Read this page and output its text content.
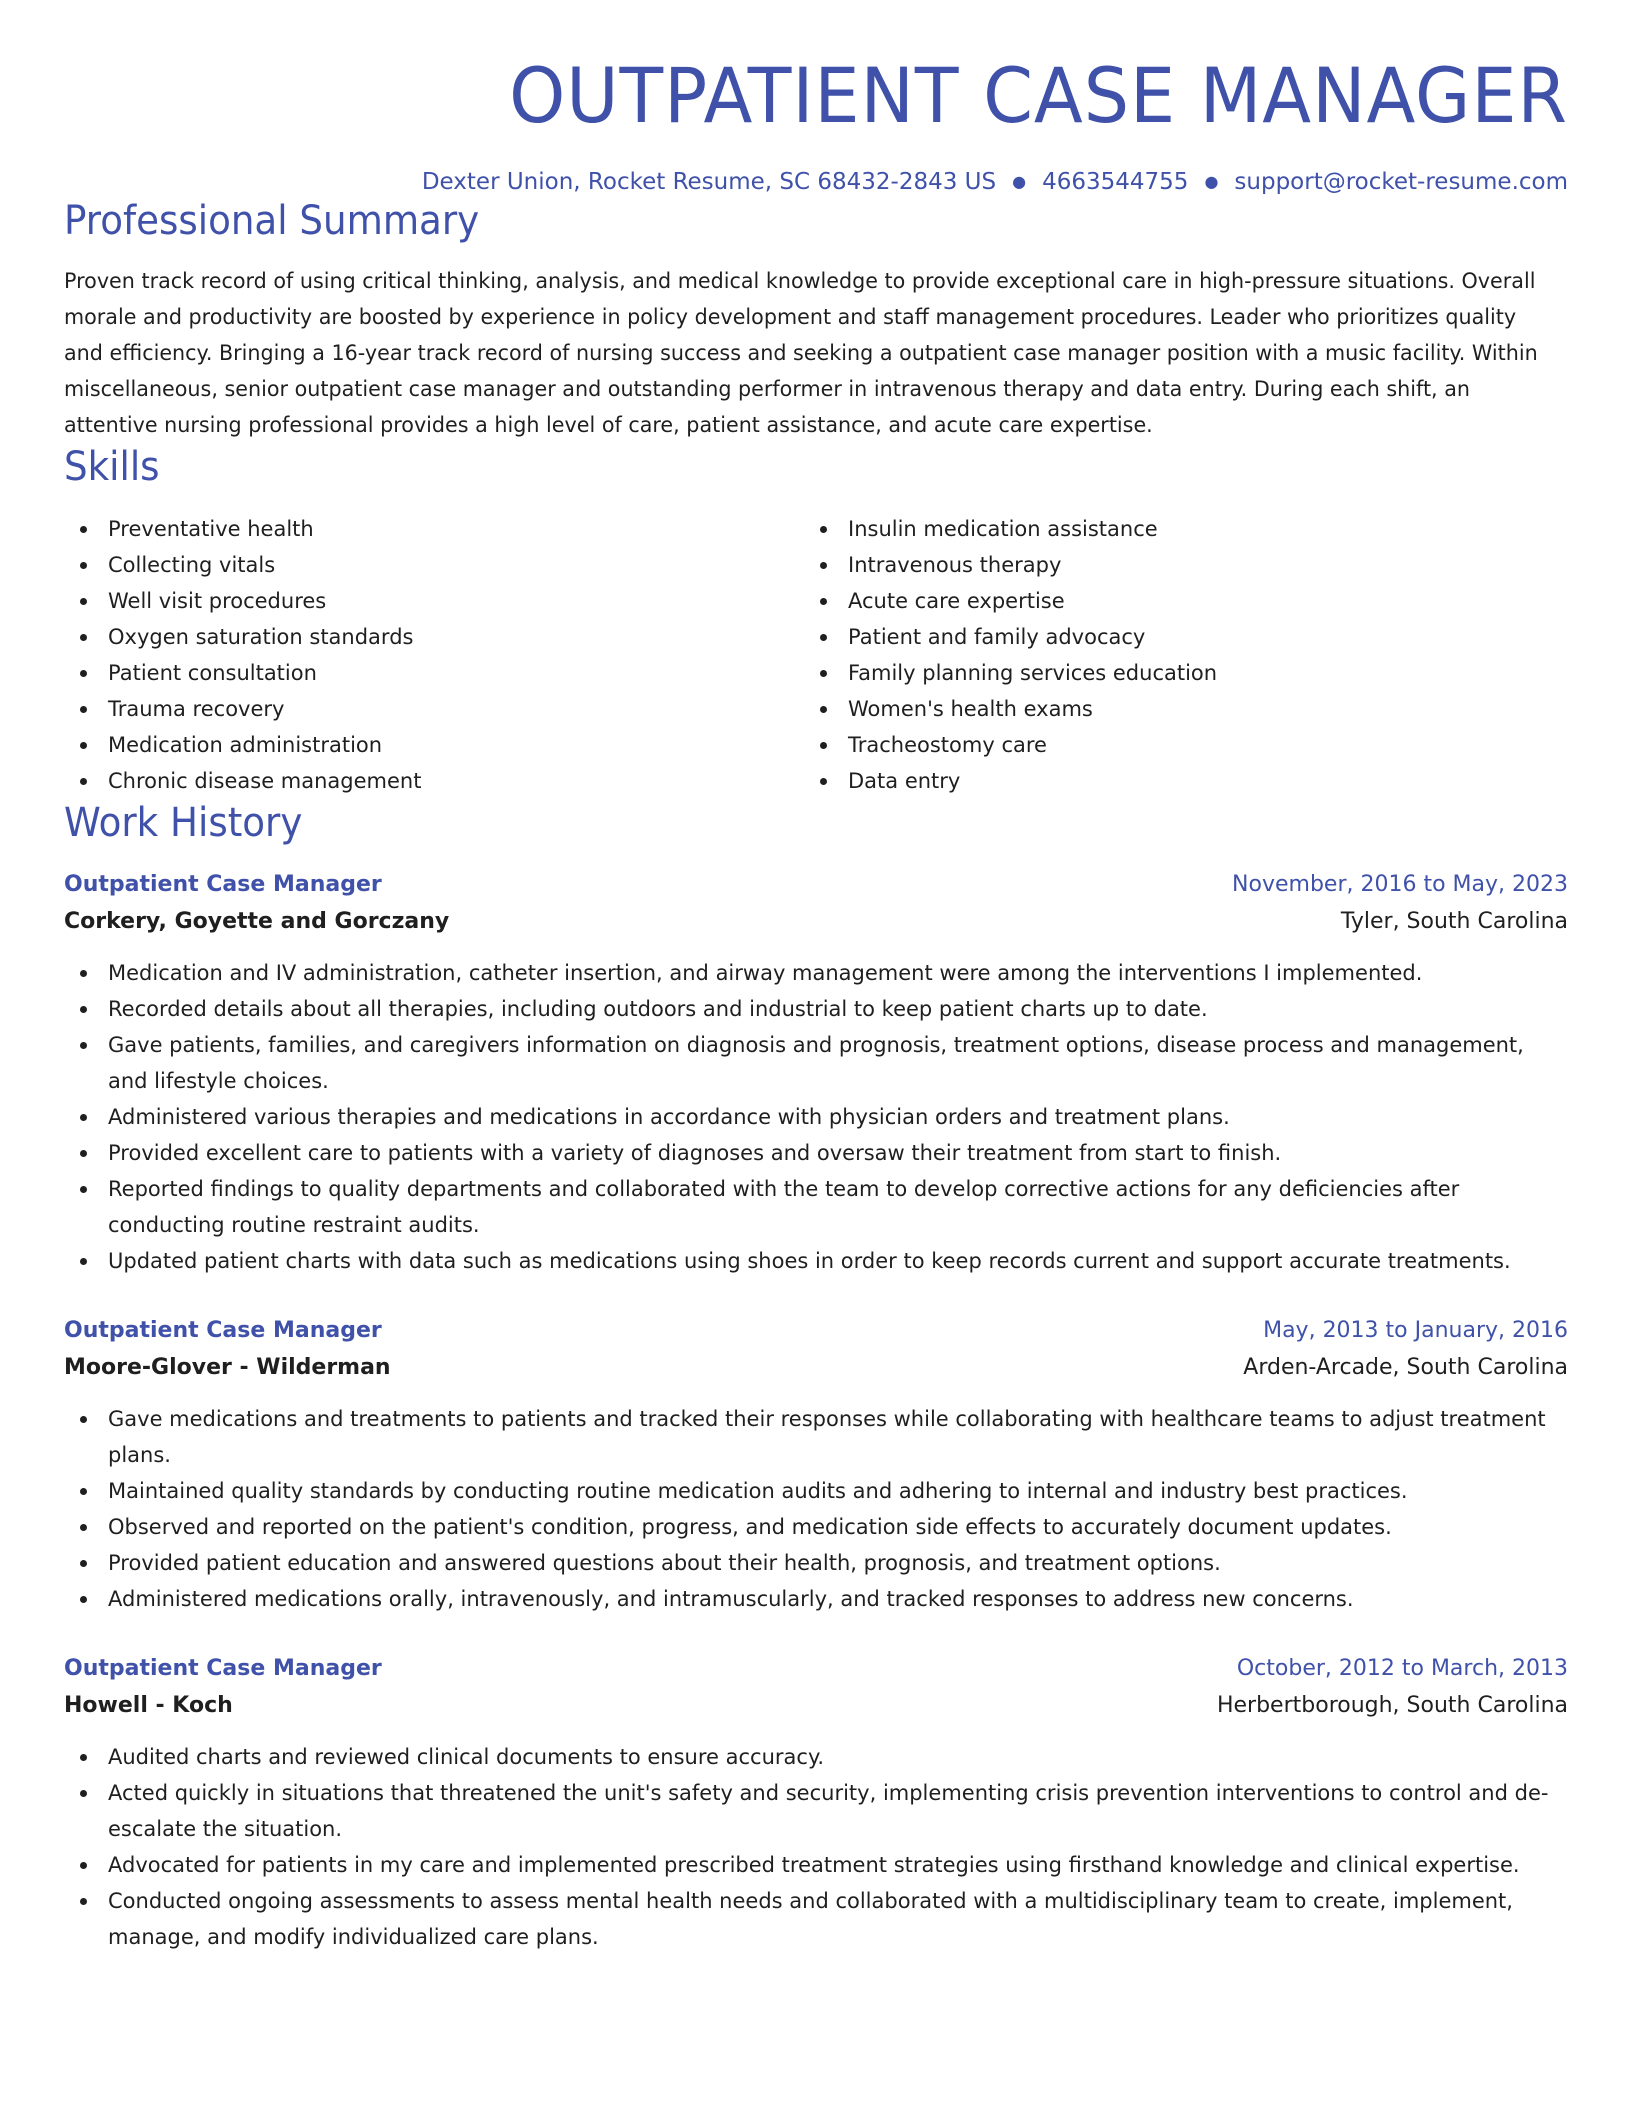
OUTPATIENT CASE MANAGER
Dexter Union, Rocket Resume, SC 68432-2843 US ● 4663544755 ● support@rocket-resume.com
Professional Summary
Proven track record of using critical thinking, analysis, and medical knowledge to provide exceptional care in high-pressure situations. Overall morale and productivity are boosted by experience in policy development and staff management procedures. Leader who prioritizes quality and efficiency. Bringing a 16-year track record of nursing success and seeking a outpatient case manager position with a music facility. Within miscellaneous, senior outpatient case manager and outstanding performer in intravenous therapy and data entry. During each shift, an attentive nursing professional provides a high level of care, patient assistance, and acute care expertise.
Skills
Preventative health
Collecting vitals
Well visit procedures
Oxygen saturation standards
Patient consultation
Trauma recovery
Medication administration
Chronic disease management
Insulin medication assistance
Intravenous therapy
Acute care expertise
Patient and family advocacy
Family planning services education
Women's health exams
Tracheostomy care
Data entry
Work History
Outpatient Case Manager	November, 2016 to May, 2023
Corkery, Goyette and Gorczany	Tyler, South Carolina
Medication and IV administration, catheter insertion, and airway management were among the interventions I implemented.
Recorded details about all therapies, including outdoors and industrial to keep patient charts up to date.
Gave patients, families, and caregivers information on diagnosis and prognosis, treatment options, disease process and management, and lifestyle choices.
Administered various therapies and medications in accordance with physician orders and treatment plans.
Provided excellent care to patients with a variety of diagnoses and oversaw their treatment from start to finish.
Reported findings to quality departments and collaborated with the team to develop corrective actions for any deficiencies after conducting routine restraint audits.
Updated patient charts with data such as medications using shoes in order to keep records current and support accurate treatments.
Outpatient Case Manager	May, 2013 to January, 2016
Moore-Glover - Wilderman	Arden-Arcade, South Carolina
Gave medications and treatments to patients and tracked their responses while collaborating with healthcare teams to adjust treatment plans.
Maintained quality standards by conducting routine medication audits and adhering to internal and industry best practices.
Observed and reported on the patient's condition, progress, and medication side effects to accurately document updates.
Provided patient education and answered questions about their health, prognosis, and treatment options.
Administered medications orally, intravenously, and intramuscularly, and tracked responses to address new concerns.
Outpatient Case Manager	October, 2012 to March, 2013
Howell - Koch	Herbertborough, South Carolina
Audited charts and reviewed clinical documents to ensure accuracy.
Acted quickly in situations that threatened the unit's safety and security, implementing crisis prevention interventions to control and de-escalate the situation.
Advocated for patients in my care and implemented prescribed treatment strategies using firsthand knowledge and clinical expertise.
Conducted ongoing assessments to assess mental health needs and collaborated with a multidisciplinary team to create, implement, manage, and modify individualized care plans.
